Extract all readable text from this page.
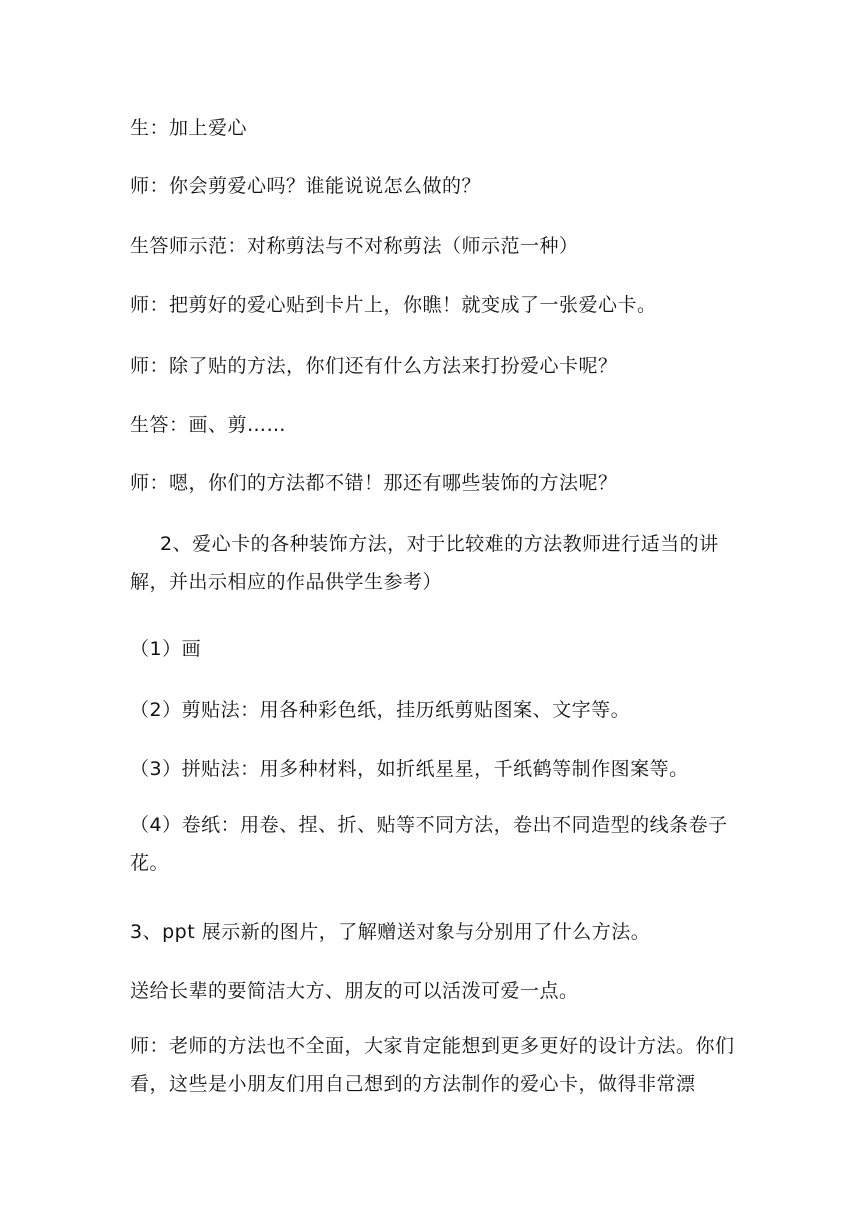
生：加上爱心
师：你会剪爱心吗？谁能说说怎么做的？
生答师示范：对称剪法与不对称剪法（师示范一种）
师：把剪好的爱心贴到卡片上，你瞧！就变成了一张爱心卡。
师：除了贴的方法，你们还有什么方法来打扮爱心卡呢？
生答：画、剪……
师：嗯，你们的方法都不错！那还有哪些装饰的方法呢？
2、爱心卡的各种装饰方法，对于比较难的方法教师进行适当的讲解，并出示相应的作品供学生参考）
（1）画
（2）剪贴法：用各种彩色纸，挂历纸剪贴图案、文字等。
（3）拼贴法：用多种材料，如折纸星星，千纸鹤等制作图案等。
（4）卷纸：用卷、捏、折、贴等不同方法，卷出不同造型的线条卷子花。
3、ppt 展示新的图片，了解赠送对象与分别用了什么方法。
送给长辈的要简洁大方、朋友的可以活泼可爱一点。
师：老师的方法也不全面，大家肯定能想到更多更好的设计方法。你们看，这些是小朋友们用自己想到的方法制作的爱心卡，做得非常漂
